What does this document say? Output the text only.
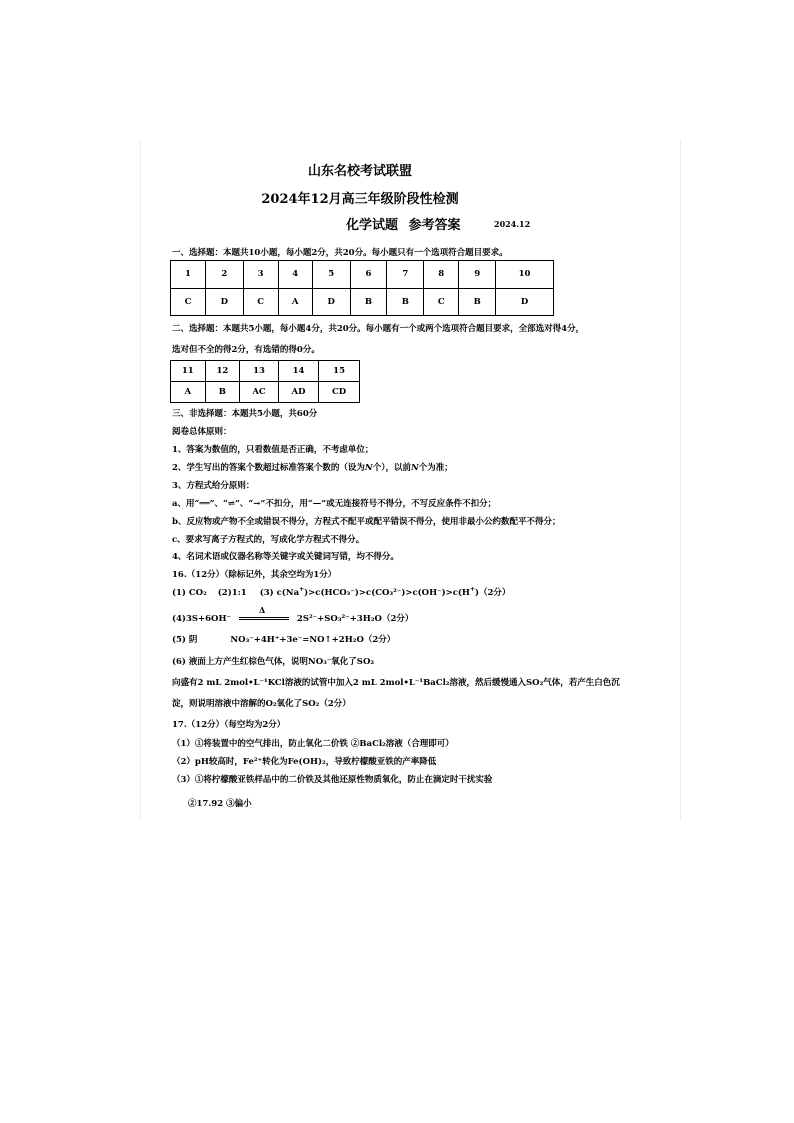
山东名校考试联盟
2024年12月高三年级阶段性检测
化学试题 参考答案	2024.12
一、选择题：本题共10小题，每小题2分，共20分。每小题只有一个选项符合题目要求。
1	2	3	4	5	6	7	8	9	10
C	D	C	A	D	B	B	C	B	D
二、选择题：本题共5小题，每小题4分，共20分。每小题有一个或两个选项符合题目要求，全部选对得4分，
选对但不全的得2分，有选错的得0分。
11	12	13	14	15
A	B	AC	AD	CD
三、非选择题：本题共5小题，共60分
阅卷总体原则：
1、答案为数值的，只看数值是否正确，不考虑单位；
2、学生写出的答案个数超过标准答案个数的（设为N个），以前N个为准；
3、方程式给分原则：
a、用“══”、“⇌”、“→”不扣分，用“—”或无连接符号不得分，不写反应条件不扣分；
b、反应物或产物不全或错误不得分，方程式不配平或配平错误不得分，使用非最小公约数配平不得分；
c、要求写离子方程式的，写成化学方程式不得分。
4、名词术语或仪器名称等关键字或关键词写错，均不得分。
16.（12分）（除标记外，其余空均为1分）
(1) CO₂ (2)1:1 (3) c(Na+)>c(HCO₃⁻)>c(CO₃²⁻)>c(OH⁻)>c(H+)（2分）
(4)3S+6OH⁻
Δ
2S²⁻+SO₃²⁻+3H₂O（2分）
(5) 阴	NO₃⁻+4H⁺+3e⁻=NO↑+2H₂O（2分）
(6) 液面上方产生红棕色气体，说明NO₃⁻氧化了SO₂
向盛有2 mL 2mol•L⁻¹KCl溶液的试管中加入2 mL 2mol•L⁻¹BaCl₂溶液，然后缓慢通入SO₂气体，若产生白色沉
淀，则说明溶液中溶解的O₂氧化了SO₂（2分）
17.（12分）（每空均为2分）
（1）①将装置中的空气排出，防止氧化二价铁 ②BaCl₂溶液（合理即可）
（2）pH较高时，Fe²⁺转化为Fe(OH)₂，导致柠檬酸亚铁的产率降低
（3）①将柠檬酸亚铁样品中的二价铁及其他还原性物质氧化，防止在滴定时干扰实验
②17.92 ③偏小
